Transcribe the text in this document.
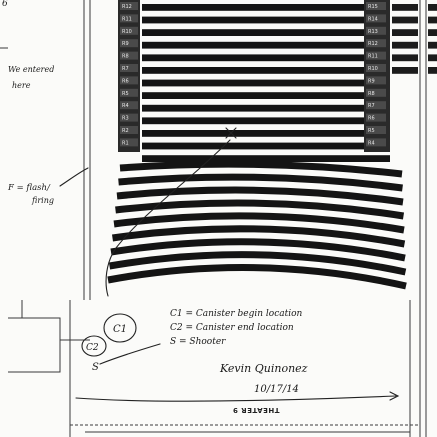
R12
R11
R10
R9
R8
R7
R6
R5
R4
R3
R2
R1
R15
R14
R13
R12
R11
R10
R9
R8
R7
R6
R5
R4
6
We entered
here
F = flash/
firing
C1
C2
S
C1 = Canister begin location
C2 = Canister end location
S = Shooter
Kevin Quinonez
10/17/14
THEATER 9
